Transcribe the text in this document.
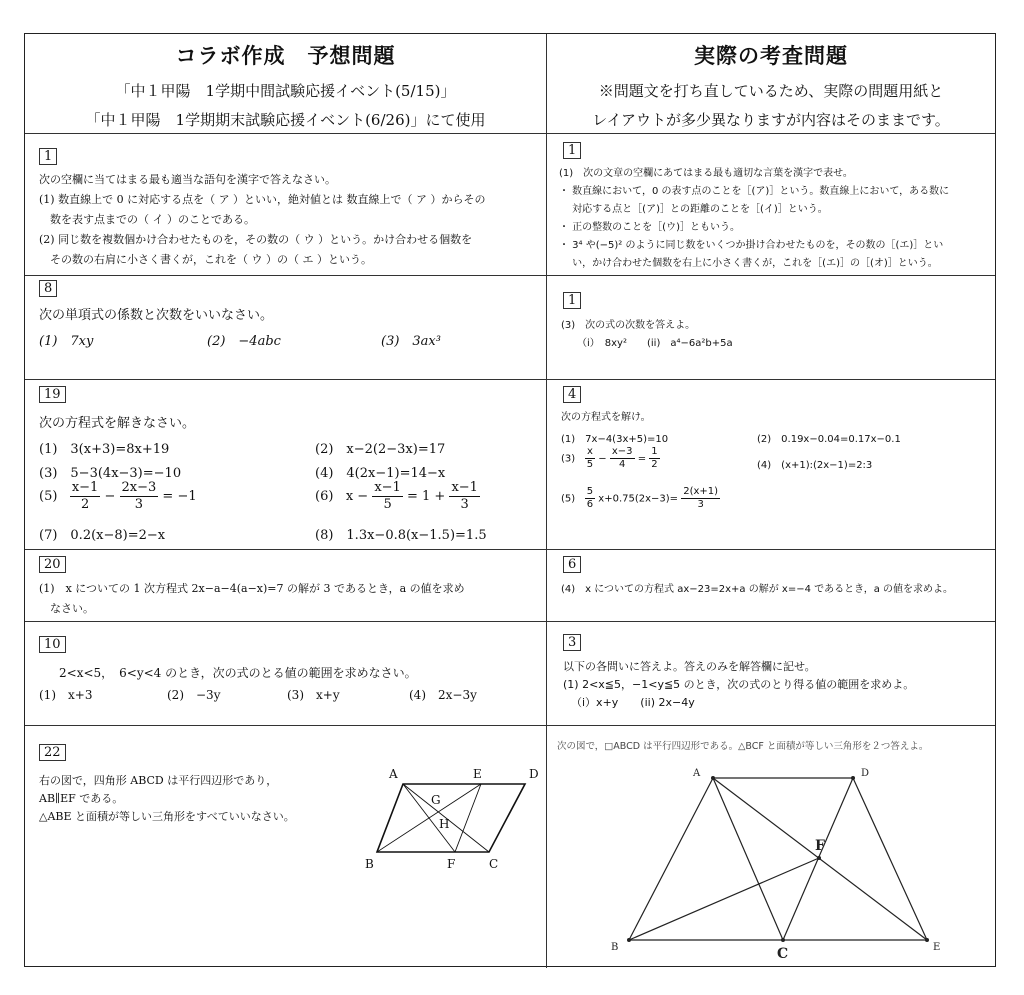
コラボ作成　予想問題
「中１甲陽　1学期中間試験応援イベント(5/15)」
「中１甲陽　1学期期末試験応援イベント(6/26)」にて使用
実際の考査問題
※問題文を打ち直しているため、実際の問題用紙と
レイアウトが多少異なりますが内容はそのままです。
1
次の空欄に当てはまる最も適当な語句を漢字で答えなさい。
(1) 数直線上で 0 に対応する点を（ ア ）といい，絶対値とは 数直線上で（ ア ）からその
　数を表す点までの（ イ ）のことである。
(2) 同じ数を複数個かけ合わせたものを，その数の（ ウ ）という。かけ合わせる個数を
　その数の右肩に小さく書くが，これを（ ウ ）の（ エ ）という。
1
(1)　次の文章の空欄にあてはまる最も適切な言葉を漢字で表せ。
・ 数直線において，0 の表す点のことを［(ア)］という。数直線上において，ある数に
　 対応する点と［(ア)］との距離のことを［(イ)］という。
・ 正の整数のことを［(ウ)］ともいう。
・ 3⁴ や(−5)² のように同じ数をいくつか掛け合わせたものを，その数の［(エ)］とい
　 い，かけ合わせた個数を右上に小さく書くが，これを［(エ)］の［(オ)］という。
8
次の単項式の係数と次数をいいなさい。
(1)　7xy	(2)　−4abc	(3)　3ax³
1
(3)　次の式の次数を答えよ。
（i）　8xy²　　(ii)　a⁴−6a²b+5a
19
次の方程式を解きなさい。
(1)　3(x+3)=8x+19	(2)　x−2(2−3x)=17
(3)　5−3(4x−3)=−10	(4)　4(2x−1)=14−x
$(5) \frac{x-1}{2} - \frac{2x-3}{3} = -1$	(6) $x - \frac{x-1}{5} = 1 + \frac{x-1}{3}$
(7)　0.2(x−8)=2−x	(8)　1.3x−0.8(x−1.5)=1.5
4
次の方程式を解け。
(1)　7x−4(3x+5)=10	(2)　0.19x−0.04=0.17x−0.1
$(3) \frac{x}{5} - \frac{x-3}{4} = \frac{1}{2}$	(4)　(x+1):(2x−1)=2:3
$(5) \frac{5}{6} x+0.75(2x-3)= \frac{2(x+1)}{3}$
20
(1)　x についての 1 次方程式 2x−a−4(a−x)=7 の解が 3 であるとき，a の値を求め
　なさい。
6
(4)　x についての方程式 ax−23=2x+a の解が x=−4 であるとき，a の値を求めよ。
10
2<x<5，　6<y<4 のとき，次の式のとる値の範囲を求めなさい。
(1)　x+3	(2)　−3y	(3)　x+y	(4)　2x−3y
3
以下の各問いに答えよ。答えのみを解答欄に記せ。
(1) 2<x≦5，−1<y≦5 のとき，次の式のとり得る値の範囲を求めよ。
（i）x+y　　(ii) 2x−4y
22
右の図で，四角形 ABCD は平行四辺形であり，
AB∥EF である。
△ABE と面積が等しい三角形をすべていいなさい。
A	E	D
G
H
B	F	C
次の図で，□ABCD は平行四辺形である。△BCF と面積が等しい三角形を２つ答えよ。
A	D
F
B	C	E
